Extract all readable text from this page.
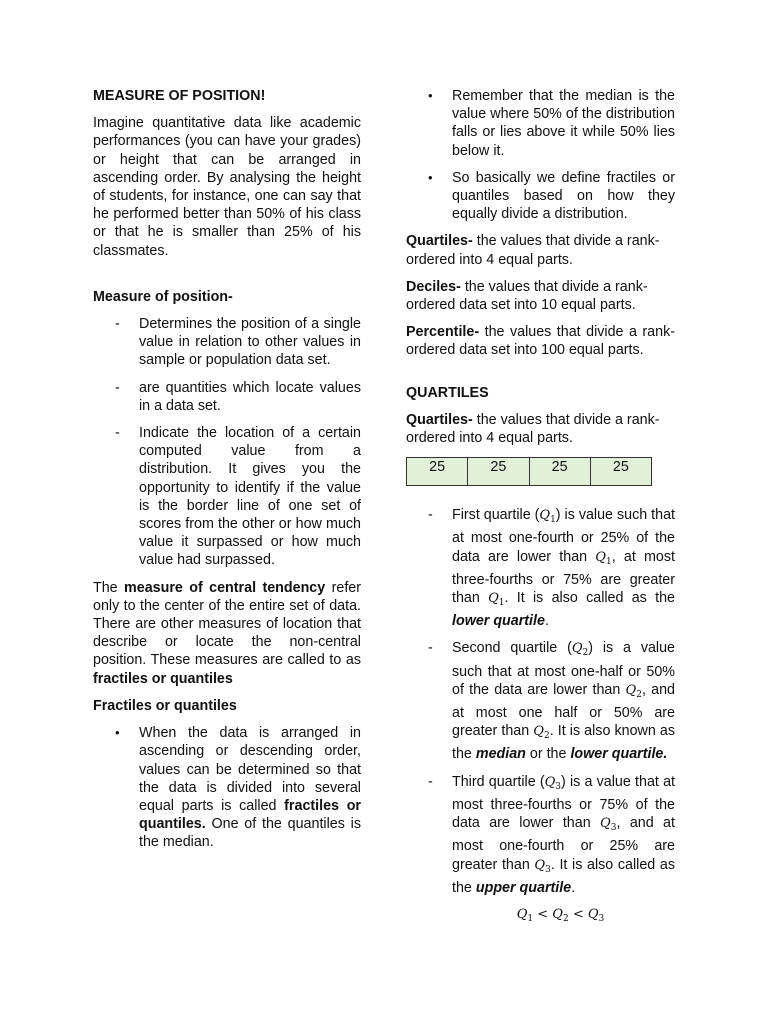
MEASURE OF POSITION!

Imagine quantitative data like academic performances (you can have your grades) or height that can be arranged in ascending order. By analysing the height of students, for instance, one can say that he performed better than 50% of his class or that he is smaller than 25% of his classmates.

Measure of position-

- Determines the position of a single value in relation to other values in sample or population data set.
- are quantities which locate values in a data set.
- Indicate the location of a certain computed value from a distribution. It gives you the opportunity to identify if the value is the border line of one set of scores from the other or how much value it surpassed or how much value had surpassed.

The measure of central tendency refer only to the center of the entire set of data. There are other measures of location that describe or locate the non-central position. These measures are called to as fractiles or quantiles

Fractiles or quantiles

• When the data is arranged in ascending or descending order, values can be determined so that the data is divided into several equal parts is called fractiles or quantiles. One of the quantiles is the median.
• Remember that the median is the value where 50% of the distribution falls or lies above it while 50% lies below it.
• So basically we define fractiles or quantiles based on how they equally divide a distribution.

Quartiles- the values that divide a rank-ordered into 4 equal parts.

Deciles- the values that divide a rank-ordered data set into 10 equal parts.

Percentile- the values that divide a rank-ordered data set into 100 equal parts.

QUARTILES

Quartiles- the values that divide a rank-ordered into 4 equal parts.

25	25	25	25
- First quartile $(Q_1)$ is value such that at most one-fourth or 25% of the data are lower than $Q_1$, at most three-fourths or 75% are greater than $Q_1$. It is also called as the lower quartile.
- Second quartile $(Q_2)$ is a value such that at most one-half or 50% of the data are lower than $Q_2$, and at most one half or 50% are greater than $Q_2$. It is also known as the median or the lower quartile.
- Third quartile $(Q_3)$ is a value that at most three-fourths or 75% of the data are lower than $Q_3$, and at most one-fourth or 25% are greater than $Q_3$. It is also called as the upper quartile.

$Q_1 < Q_2 < Q_3$
